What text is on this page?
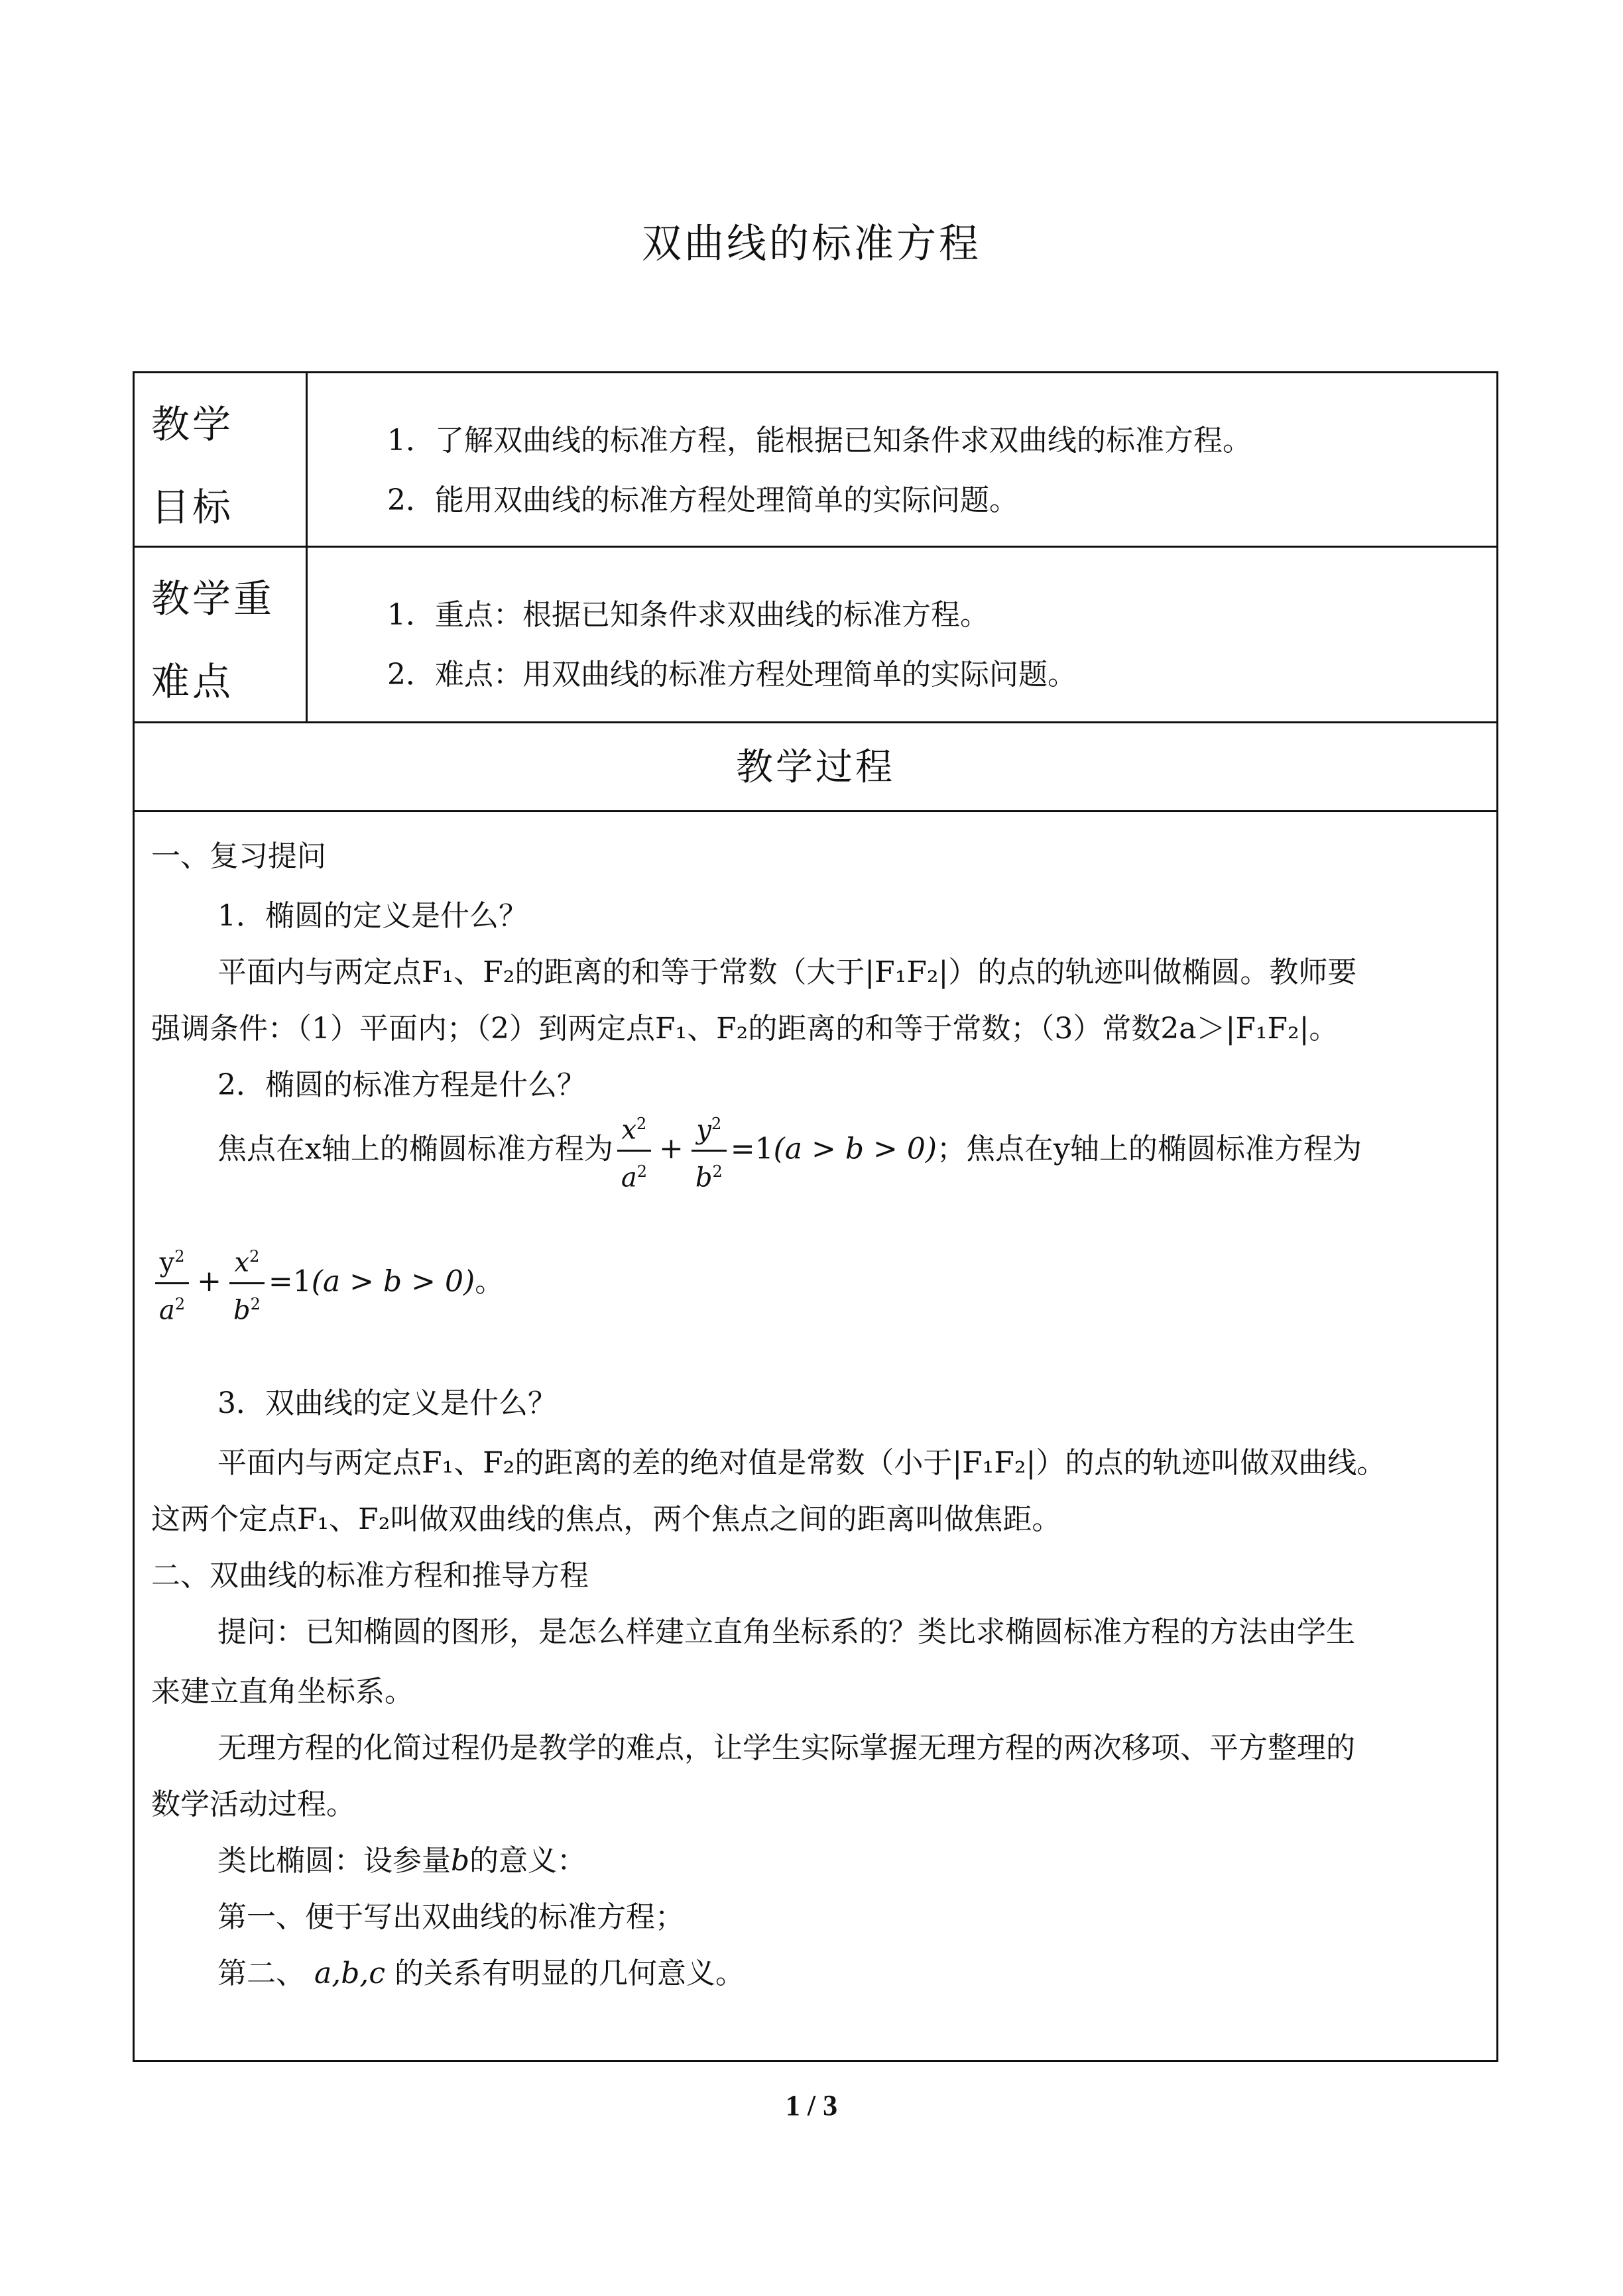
双曲线的标准方程
教学
目标
1．了解双曲线的标准方程，能根据已知条件求双曲线的标准方程。
2．能用双曲线的标准方程处理简单的实际问题。
教学重
难点
1．重点：根据已知条件求双曲线的标准方程。
2．难点：用双曲线的标准方程处理简单的实际问题。
教学过程
一、复习提问
1．椭圆的定义是什么？
平面内与两定点F₁、F₂的距离的和等于常数（大于|F₁F₂|）的点的轨迹叫做椭圆。教师要
强调条件：（1）平面内；（2）到两定点F₁、F₂的距离的和等于常数；（3）常数2a＞|F₁F₂|。
2．椭圆的标准方程是什么？
焦点在x轴上的椭圆标准方程为 $\frac{x^2}{a^2} + \frac{y^2}{b^2} =1(a > b > 0)$；焦点在y轴上的椭圆标准方程为
$\frac{y^2}{a^2} + \frac{x^2}{b^2} =1(a > b > 0)$。
3．双曲线的定义是什么？
平面内与两定点F₁、F₂的距离的差的绝对值是常数（小于|F₁F₂|）的点的轨迹叫做双曲线。
这两个定点F₁、F₂叫做双曲线的焦点，两个焦点之间的距离叫做焦距。
二、双曲线的标准方程和推导方程
提问：已知椭圆的图形，是怎么样建立直角坐标系的？类比求椭圆标准方程的方法由学生
来建立直角坐标系。
无理方程的化简过程仍是教学的难点，让学生实际掌握无理方程的两次移项、平方整理的
数学活动过程。
类比椭圆：设参量b的意义：
第一、便于写出双曲线的标准方程；
第二、 a,b,c 的关系有明显的几何意义。
1 / 3
